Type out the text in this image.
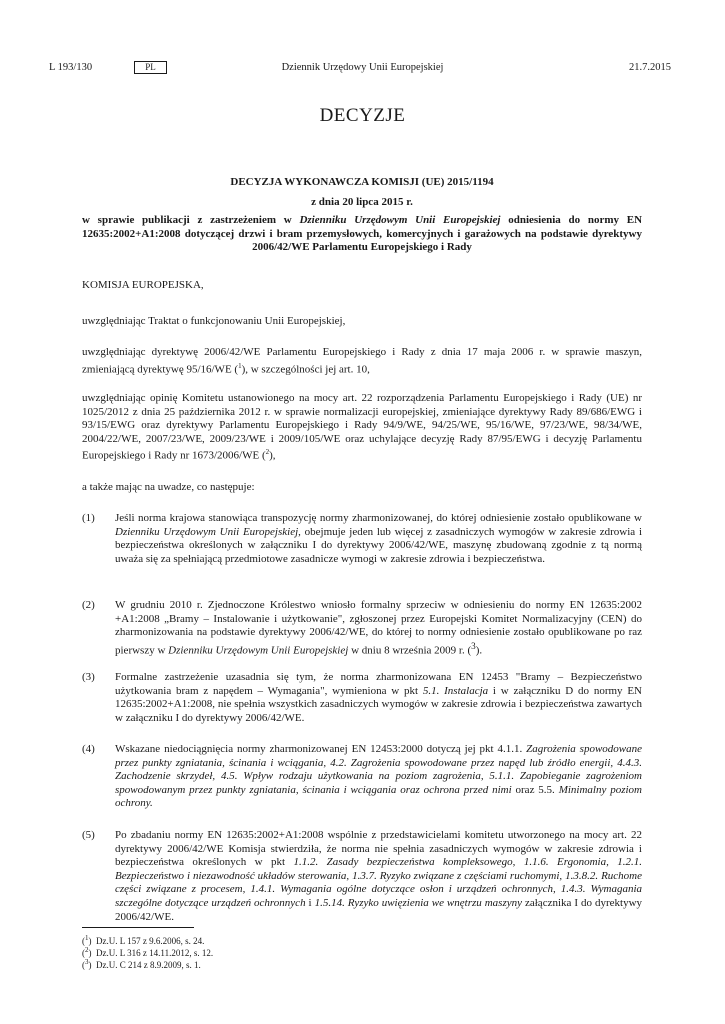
L 193/130	PL	Dziennik Urzędowy Unii Europejskiej	21.7.2015
DECYZJE
DECYZJA WYKONAWCZA KOMISJI (UE) 2015/1194
z dnia 20 lipca 2015 r.
w sprawie publikacji z zastrzeżeniem w Dzienniku Urzędowym Unii Europejskiej odniesienia do normy EN 12635:2002+A1:2008 dotyczącej drzwi i bram przemysłowych, komercyjnych i garażowych na podstawie dyrektywy 2006/42/WE Parlamentu Europejskiego i Rady
KOMISJA EUROPEJSKA,
uwzględniając Traktat o funkcjonowaniu Unii Europejskiej,
uwzględniając dyrektywę 2006/42/WE Parlamentu Europejskiego i Rady z dnia 17 maja 2006 r. w sprawie maszyn, zmieniającą dyrektywę 95/16/WE ($^1$), w szczególności jej art. 10,
uwzględniając opinię Komitetu ustanowionego na mocy art. 22 rozporządzenia Parlamentu Europejskiego i Rady (UE) nr 1025/2012 z dnia 25 października 2012 r. w sprawie normalizacji europejskiej, zmieniające dyrektywy Rady 89/686/EWG i 93/15/EWG oraz dyrektywy Parlamentu Europejskiego i Rady 94/9/WE, 94/25/WE, 95/16/WE, 97/23/WE, 98/34/WE, 2004/22/WE, 2007/23/WE, 2009/23/WE i 2009/105/WE oraz uchylające decyzję Rady 87/95/EWG i decyzję Parlamentu Europejskiego i Rady nr 1673/2006/WE ($^2$),
a także mając na uwadze, co następuje:
(1) Jeśli norma krajowa stanowiąca transpozycję normy zharmonizowanej, do której odniesienie zostało opublikowane w Dzienniku Urzędowym Unii Europejskiej, obejmuje jeden lub więcej z zasadniczych wymogów w zakresie zdrowia i bezpieczeństwa określonych w załączniku I do dyrektywy 2006/42/WE, maszynę zbudowaną zgodnie z tą normą uważa się za spełniającą przedmiotowe zasadnicze wymogi w zakresie zdrowia i bezpieczeństwa.
(2) W grudniu 2010 r. Zjednoczone Królestwo wniosło formalny sprzeciw w odniesieniu do normy EN 12635:2002 +A1:2008 „Bramy – Instalowanie i użytkowanie", zgłoszonej przez Europejski Komitet Normalizacyjny (CEN) do zharmonizowania na podstawie dyrektywy 2006/42/WE, do której to normy odniesienie zostało opublikowane po raz pierwszy w Dzienniku Urzędowym Unii Europejskiej w dniu 8 września 2009 r. ($^3$).
(3) Formalne zastrzeżenie uzasadnia się tym, że norma zharmonizowana EN 12453 "Bramy – Bezpieczeństwo użytkowania bram z napędem – Wymagania", wymieniona w pkt 5.1. Instalacja i w załączniku D do normy EN 12635:2002+A1:2008, nie spełnia wszystkich zasadniczych wymogów w zakresie zdrowia i bezpieczeństwa zawartych w załączniku I do dyrektywy 2006/42/WE.
(4) Wskazane niedociągnięcia normy zharmonizowanej EN 12453:2000 dotyczą jej pkt 4.1.1. Zagrożenia spowodowane przez punkty zgniatania, ścinania i wciągania, 4.2. Zagrożenia spowodowane przez napęd lub źródło energii, 4.4.3. Zachodzenie skrzydeł, 4.5. Wpływ rodzaju użytkowania na poziom zagrożenia, 5.1.1. Zapobieganie zagrożeniom spowodowanym przez punkty zgniatania, ścinania i wciągania oraz ochrona przed nimi oraz 5.5. Minimalny poziom ochrony.
(5) Po zbadaniu normy EN 12635:2002+A1:2008 wspólnie z przedstawicielami komitetu utworzonego na mocy art. 22 dyrektywy 2006/42/WE Komisja stwierdziła, że norma nie spełnia zasadniczych wymogów w zakresie zdrowia i bezpieczeństwa określonych w pkt 1.1.2. Zasady bezpieczeństwa kompleksowego, 1.1.6. Ergonomia, 1.2.1. Bezpieczeństwo i niezawodność układów sterowania, 1.3.7. Ryzyko związane z częściami ruchomymi, 1.3.8.2. Ruchome części związane z procesem, 1.4.1. Wymagania ogólne dotyczące osłon i urządzeń ochronnych, 1.4.3. Wymagania szczególne dotyczące urządzeń ochronnych i 1.5.14. Ryzyko uwięzienia we wnętrzu maszyny załącznika I do dyrektywy 2006/42/WE.
($^1$)  Dz.U. L 157 z 9.6.2006, s. 24.
($^2$)  Dz.U. L 316 z 14.11.2012, s. 12.
($^3$)  Dz.U. C 214 z 8.9.2009, s. 1.
